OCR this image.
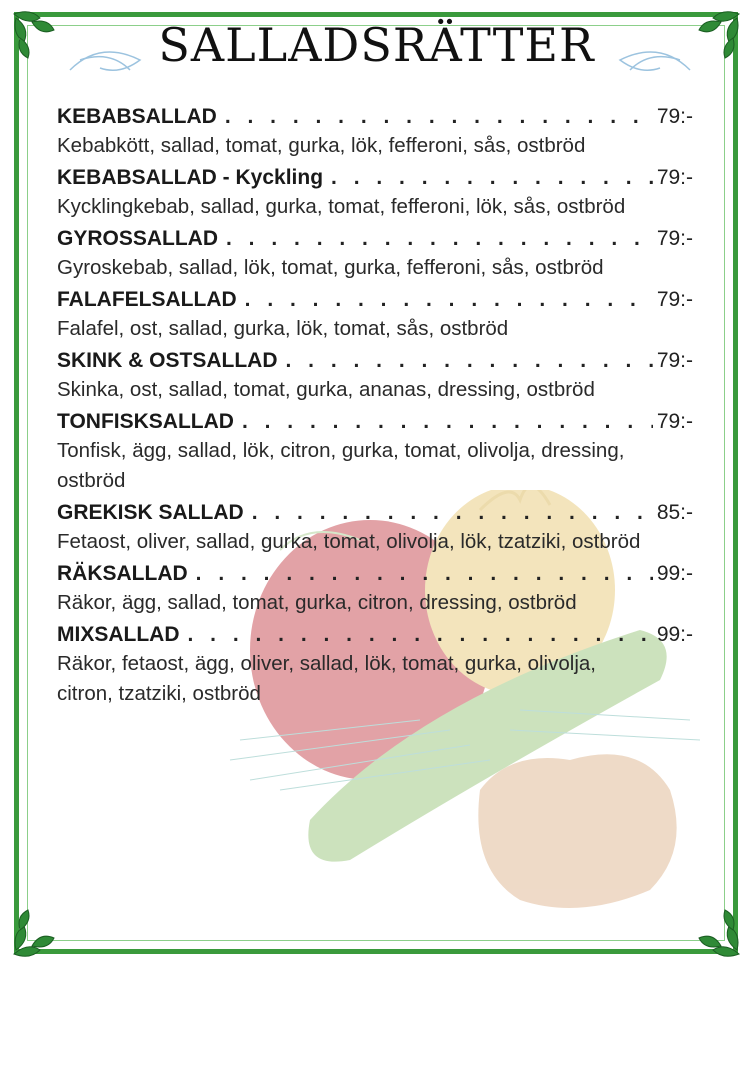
SALLADSRÄTTER
KEBABSALLAD . . .	79:-
Kebabkött, sallad, tomat, gurka, lök, fefferoni, sås, ostbröd
KEBABSALLAD - Kyckling . . .	79:-
Kycklingkebab, sallad, gurka, tomat, fefferoni, lök, sås, ostbröd
GYROSSALLAD . . .	79:-
Gyroskebab, sallad, lök, tomat, gurka, fefferoni, sås, ostbröd
FALAFELSALLAD . . .	79:-
Falafel, ost, sallad, gurka, lök, tomat, sås, ostbröd
SKINK & OSTSALLAD . . .	79:-
Skinka, ost, sallad, tomat, gurka, ananas, dressing, ostbröd
TONFISKSALLAD . . .	79:-
Tonfisk, ägg, sallad, lök, citron, gurka, tomat, olivolja, dressing, ostbröd
GREKISK SALLAD . . .	85:-
Fetaost, oliver, sallad, gurka, tomat, olivolja, lök, tzatziki, ostbröd
RÄKSALLAD . . .	99:-
Räkor, ägg, sallad, tomat, gurka, citron, dressing, ostbröd
MIXSALLAD . . .	99:-
Räkor, fetaost, ägg, oliver, sallad, lök, tomat, gurka, olivolja, citron, tzatziki, ostbröd
